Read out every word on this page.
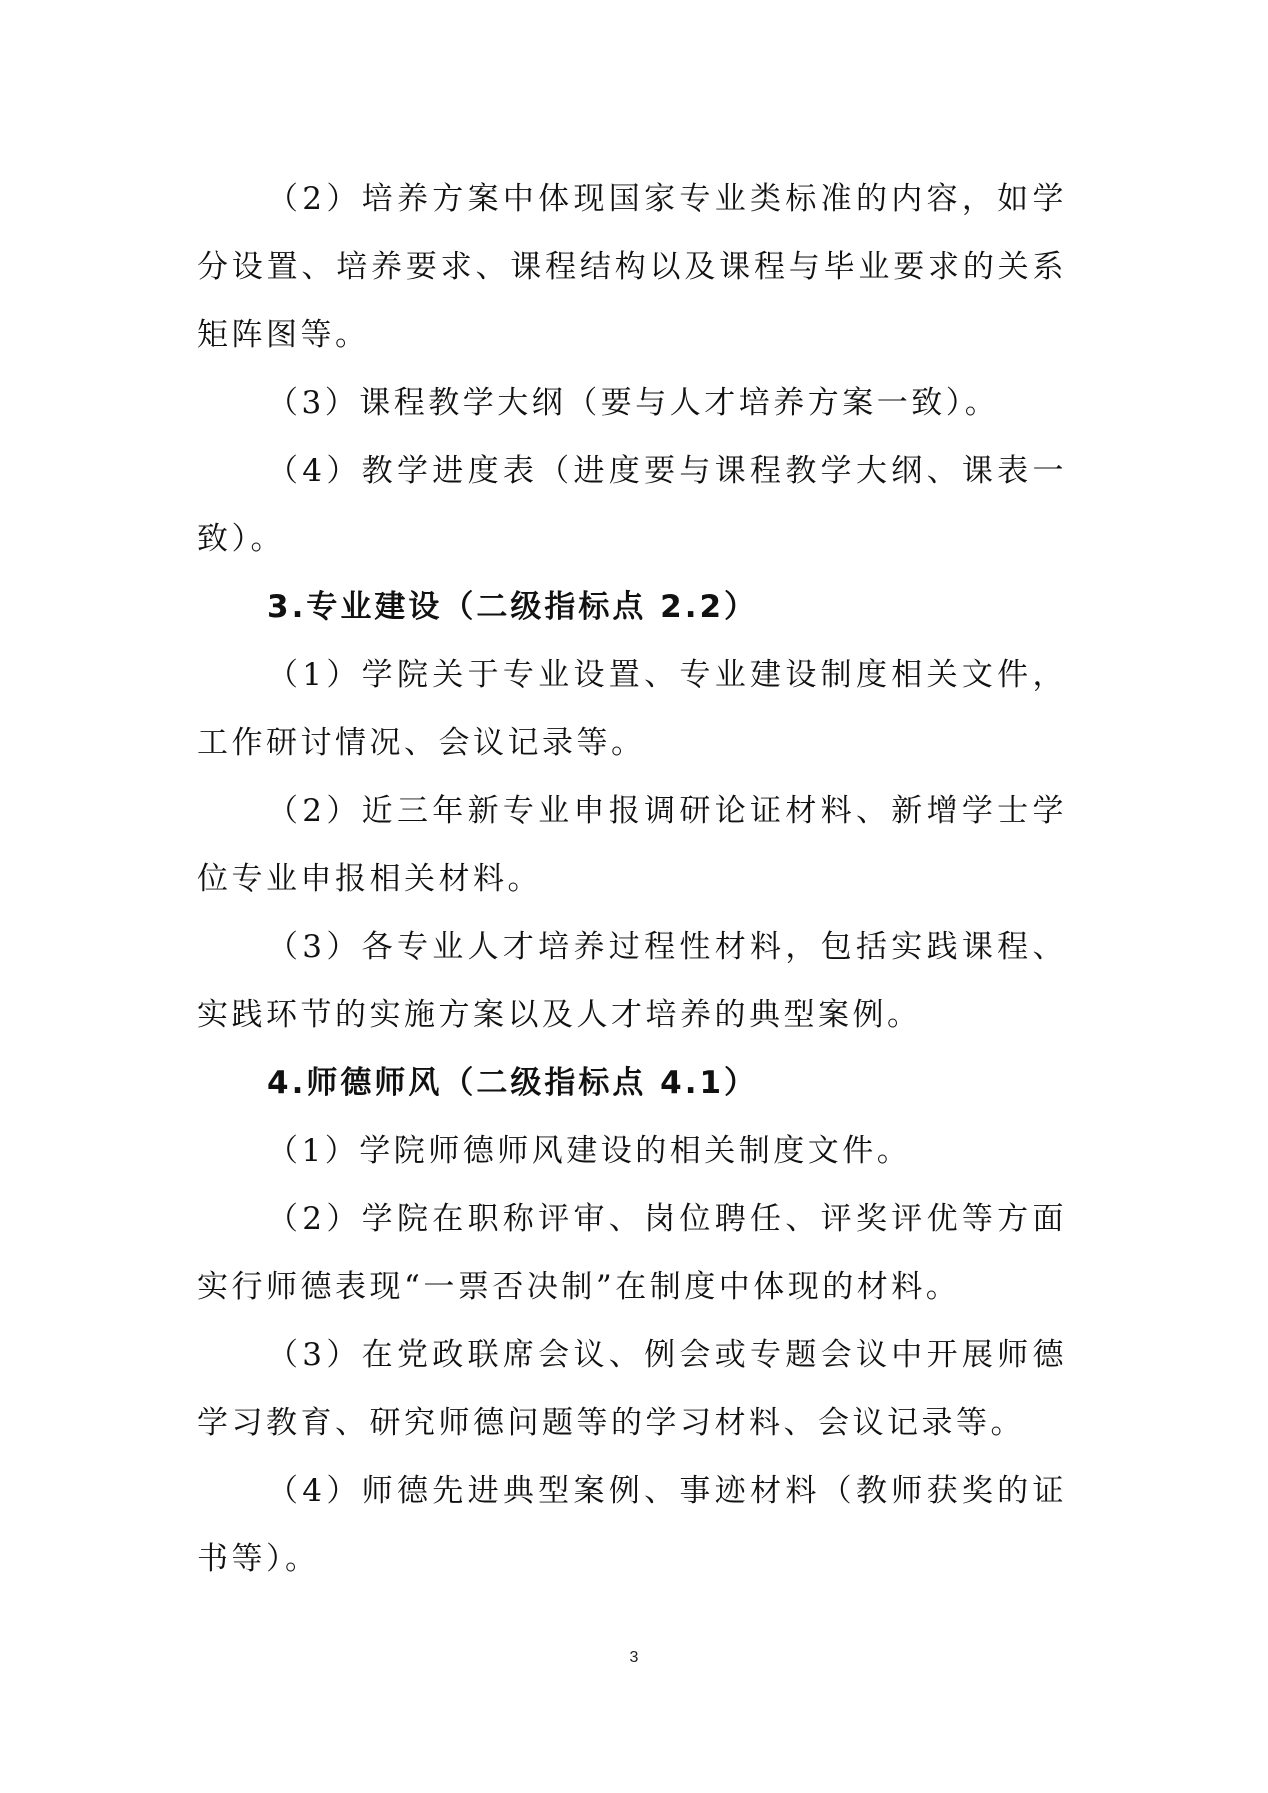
（2）培养方案中体现国家专业类标准的内容，如学分设置、培养要求、课程结构以及课程与毕业要求的关系矩阵图等。

（3）课程教学大纲（要与人才培养方案一致）。

（4）教学进度表（进度要与课程教学大纲、课表一致）。

3.专业建设（二级指标点 2.2）

（1）学院关于专业设置、专业建设制度相关文件，工作研讨情况、会议记录等。

（2）近三年新专业申报调研论证材料、新增学士学位专业申报相关材料。

（3）各专业人才培养过程性材料，包括实践课程、实践环节的实施方案以及人才培养的典型案例。

4.师德师风（二级指标点 4.1）

（1）学院师德师风建设的相关制度文件。

（2）学院在职称评审、岗位聘任、评奖评优等方面实行师德表现“一票否决制”在制度中体现的材料。

（3）在党政联席会议、例会或专题会议中开展师德学习教育、研究师德问题等的学习材料、会议记录等。

（4）师德先进典型案例、事迹材料（教师获奖的证书等）。

3
